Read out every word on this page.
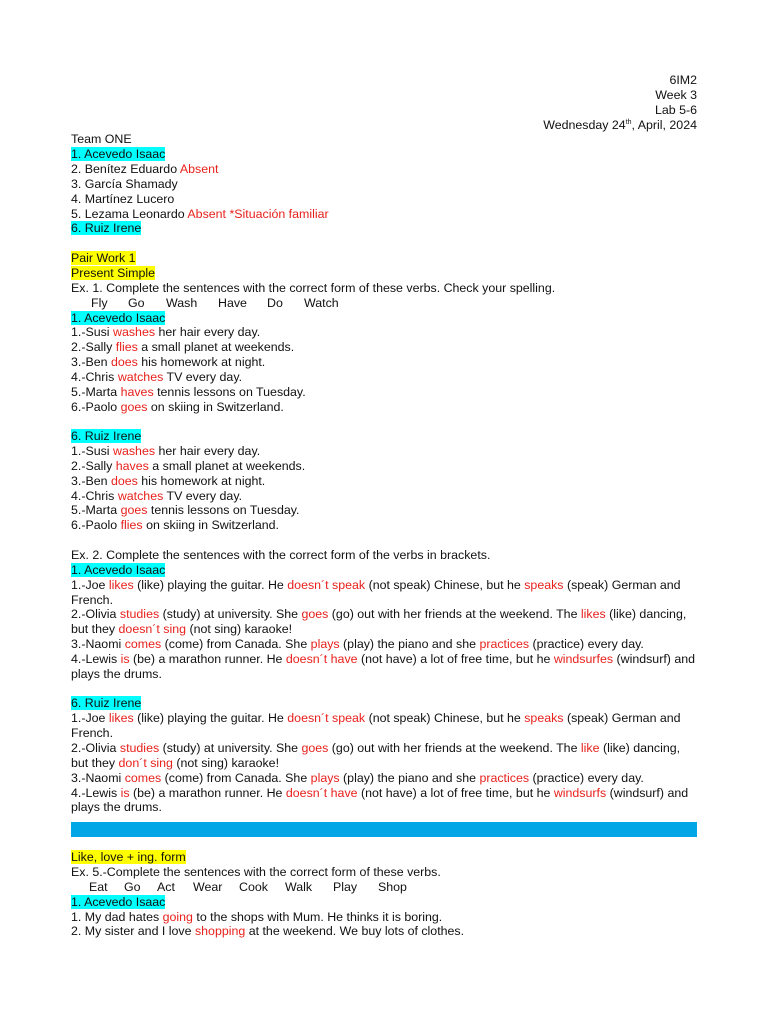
6IM2
Week 3
Lab 5-6
Wednesday 24th, April, 2024
Team ONE
1. Acevedo Isaac
2. Benítez Eduardo Absent
3. García Shamady
4. Martínez Lucero
5. Lezama Leonardo Absent *Situación familiar
6. Ruiz Irene
Pair Work 1
Present Simple
Ex. 1. Complete the sentences with the correct form of these verbs. Check your spelling.
Fly Go Wash Have Do Watch
1. Acevedo Isaac
1.-Susi washes her hair every day.
2.-Sally flies a small planet at weekends.
3.-Ben does his homework at night.
4.-Chris watches TV every day.
5.-Marta haves tennis lessons on Tuesday.
6.-Paolo goes on skiing in Switzerland.
6. Ruiz Irene
1.-Susi washes her hair every day.
2.-Sally haves a small planet at weekends.
3.-Ben does his homework at night.
4.-Chris watches TV every day.
5.-Marta goes tennis lessons on Tuesday.
6.-Paolo flies on skiing in Switzerland.
Ex. 2. Complete the sentences with the correct form of the verbs in brackets.
1. Acevedo Isaac
1.-Joe likes (like) playing the guitar. He doesn´t speak (not speak) Chinese, but he speaks (speak) German and French.
2.-Olivia studies (study) at university. She goes (go) out with her friends at the weekend. The likes (like) dancing, but they doesn´t sing (not sing) karaoke!
3.-Naomi comes (come) from Canada. She plays (play) the piano and she practices (practice) every day.
4.-Lewis is (be) a marathon runner. He doesn´t have (not have) a lot of free time, but he windsurfes (windsurf) and plays the drums.
6. Ruiz Irene
1.-Joe likes (like) playing the guitar. He doesn´t speak (not speak) Chinese, but he speaks (speak) German and French.
2.-Olivia studies (study) at university. She goes (go) out with her friends at the weekend. The like (like) dancing, but they don´t sing (not sing) karaoke!
3.-Naomi comes (come) from Canada. She plays (play) the piano and she practices (practice) every day.
4.-Lewis is (be) a marathon runner. He doesn´t have (not have) a lot of free time, but he windsurfs (windsurf) and plays the drums.
Like, love + ing. form
Ex. 5.-Complete the sentences with the correct form of these verbs.
Eat Go Act Wear Cook Walk Play Shop
1. Acevedo Isaac
1. My dad hates going to the shops with Mum. He thinks it is boring.
2. My sister and I love shopping at the weekend. We buy lots of clothes.
